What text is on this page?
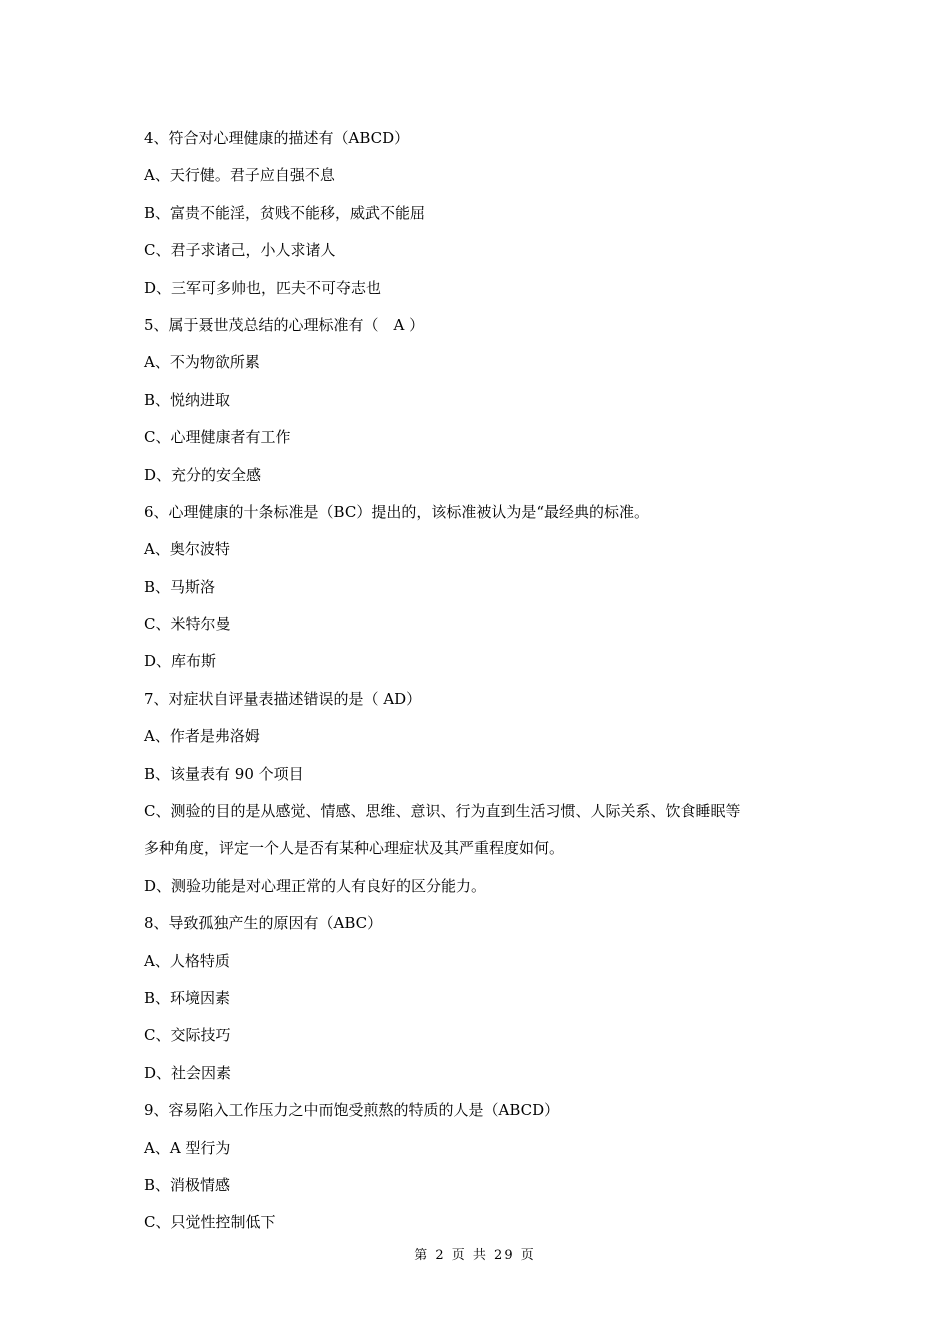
4、符合对心理健康的描述有（ABCD）
A、天行健。君子应自强不息
B、富贵不能淫，贫贱不能移，威武不能屈
C、君子求诸己，小人求诸人
D、三军可多帅也，匹夫不可夺志也
5、属于聂世茂总结的心理标准有（　A ）
A、不为物欲所累
B、悦纳进取
C、心理健康者有工作
D、充分的安全感
6、心理健康的十条标准是（BC）提出的，该标准被认为是“最经典的标准。
A、奥尔波特
B、马斯洛
C、米特尔曼
D、库布斯
7、对症状自评量表描述错误的是（ AD）
A、作者是弗洛姆
B、该量表有 90 个项目
C、测验的目的是从感觉、情感、思维、意识、行为直到生活习惯、人际关系、饮食睡眠等
多种角度，评定一个人是否有某种心理症状及其严重程度如何。
D、测验功能是对心理正常的人有良好的区分能力。
8、导致孤独产生的原因有（ABC）
A、人格特质
B、环境因素
C、交际技巧
D、社会因素
9、容易陷入工作压力之中而饱受煎熬的特质的人是（ABCD）
A、A 型行为
B、消极情感
C、只觉性控制低下
第 2 页 共 29 页
